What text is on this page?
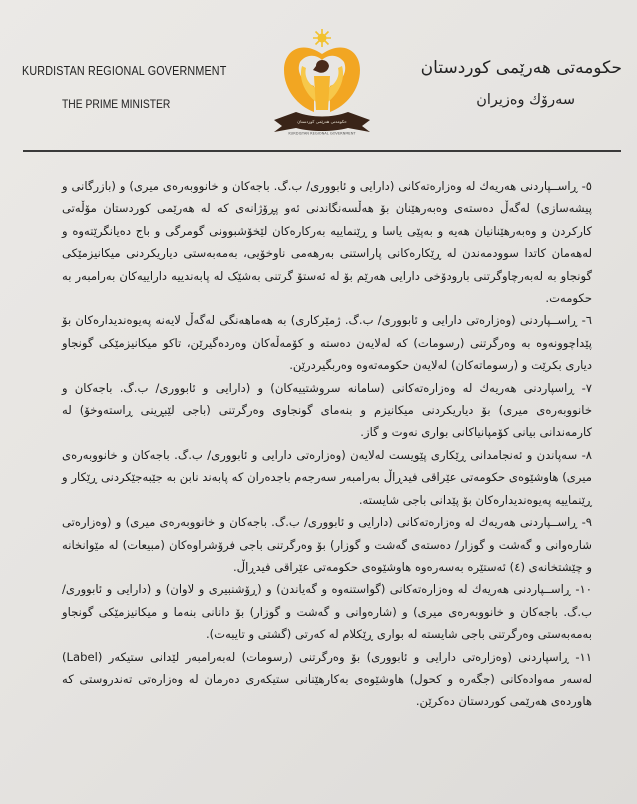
KURDISTAN REGIONAL GOVERNMENT
THE PRIME MINISTER
حکومەتی هەرێمی کوردستان
KURDISTAN REGIONAL GOVERNMENT
حکومەتی هەرێمی کوردستان
سەرۆك وەزیران

٥- ڕاســپاردنی هەریەك لە وەزارەتەکانی (دارایی و ئابووری/ ب.گ. باجەکان و خانووبەرەی میری) و (بازرگانی و پیشەسازی) لەگەڵ دەستەی وەبەرهێنان بۆ هەڵسەنگاندنی ئەو پڕۆژانەی کە لە هەرێمی کوردستان مۆڵەتی کارکردن و وەبەرهێنانیان هەیە و بەپێی یاسا و ڕێنماییە بەرکارەکان لێخۆشبوونی گومرگی و باج دەیانگرێتەوە و لەهەمان کاتدا سوودمەندن لە ڕێکارەکانی پاراستنی بەرهەمی ناوخۆیی، بەمەبەستی دیاریکردنی میکانیزمێکی گونجاو بە لەبەرچاوگرتنی بارودۆخی دارایی هەرێم بۆ لە ئەستۆ گرتنی بەشێک لە پابەندییە داراییەکان بەرامبەر بە حکومەت.

٦- ڕاســپاردنی (وەزارەتی دارایی و ئابووری/ ب.گ. ژمێرکاری) بە هەماهەنگی لەگەڵ لایەنە پەیوەندیدارەکان بۆ پێداچوونەوە بە وەرگرتنی (رسومات) کە لەلایەن دەستە و کۆمەڵەکان وەردەگیرێن، تاکو میکانیزمێکی گونجاو دیاری بکرێت و (رسوماتەکان) لەلایەن حکومەتەوە وەربگیردرێن.

٧- ڕاسپاردنی هەریەك لە وەزارەتەکانی (سامانە سروشتییەکان) و (دارایی و ئابووری/ ب.گ. باجەکان و خانووبەرەی میری) بۆ دیاریکردنی میکانیزم و بنەمای گونجاوی وەرگرتنی (باجی لێبڕینی ڕاستەوخۆ) لە کارمەندانی بیانی کۆمپانیاکانی بواری نەوت و گاز.

٨- سەپاندن و ئەنجامدانی ڕێکاری پێویست لەلایەن (وەزارەتی دارایی و ئابووری/ ب.گ. باجەکان و خانووبەرەی میری) هاوشێوەی حکومەتی عێراقی فیدڕاڵ بەرامبەر سەرجەم باجدەران کە پابەند نابن بە جێبەجێکردنی ڕێکار و ڕێنماییە پەیوەندیدارەکان بۆ پێدانی باجی شایستە.

٩- ڕاســپاردنی هەریەك لە وەزارەتەکانی (دارایی و ئابووری/ ب.گ. باجەکان و خانووبەرەی میری) و (وەزارەتی شارەوانی و گەشت و گوزار/ دەستەی گەشت و گوزار) بۆ وەرگرتنی باجی فرۆشراوەکان (مبیعات) لە مێوانخانە و چێشتخانەی (٤) ئەستێرە بەسەرەوە هاوشێوەی حکومەتی عێراقی فیدڕاڵ.

١٠- ڕاســپاردنی هەریەك لە وەزارەتەکانی (گواستنەوە و گەیاندن) و (ڕۆشنبیری و لاوان) و (دارایی و ئابووری/ ب.گ. باجەکان و خانووبەرەی میری) و (شارەوانی و گەشت و گوزار) بۆ دانانی بنەما و میکانیزمێکی گونجاو بەمەبەستی وەرگرتنی باجی شایستە لە بواری ڕێکلام لە کەرتی (گشتی و تایبەت).

١١- ڕاسپاردنی (وەزارەتی دارایی و ئابووری) بۆ وەرگرتنی (رسومات) لەبەرامبەر لێدانی ستیکەر (Label) لەسەر مەوادەکانی (جگەرە و کحول) هاوشێوەی بەکارهێنانی ستیکەری دەرمان لە وەزارەتی تەندروستی کە هاوردەی هەرێمی کوردستان دەکرێن.
